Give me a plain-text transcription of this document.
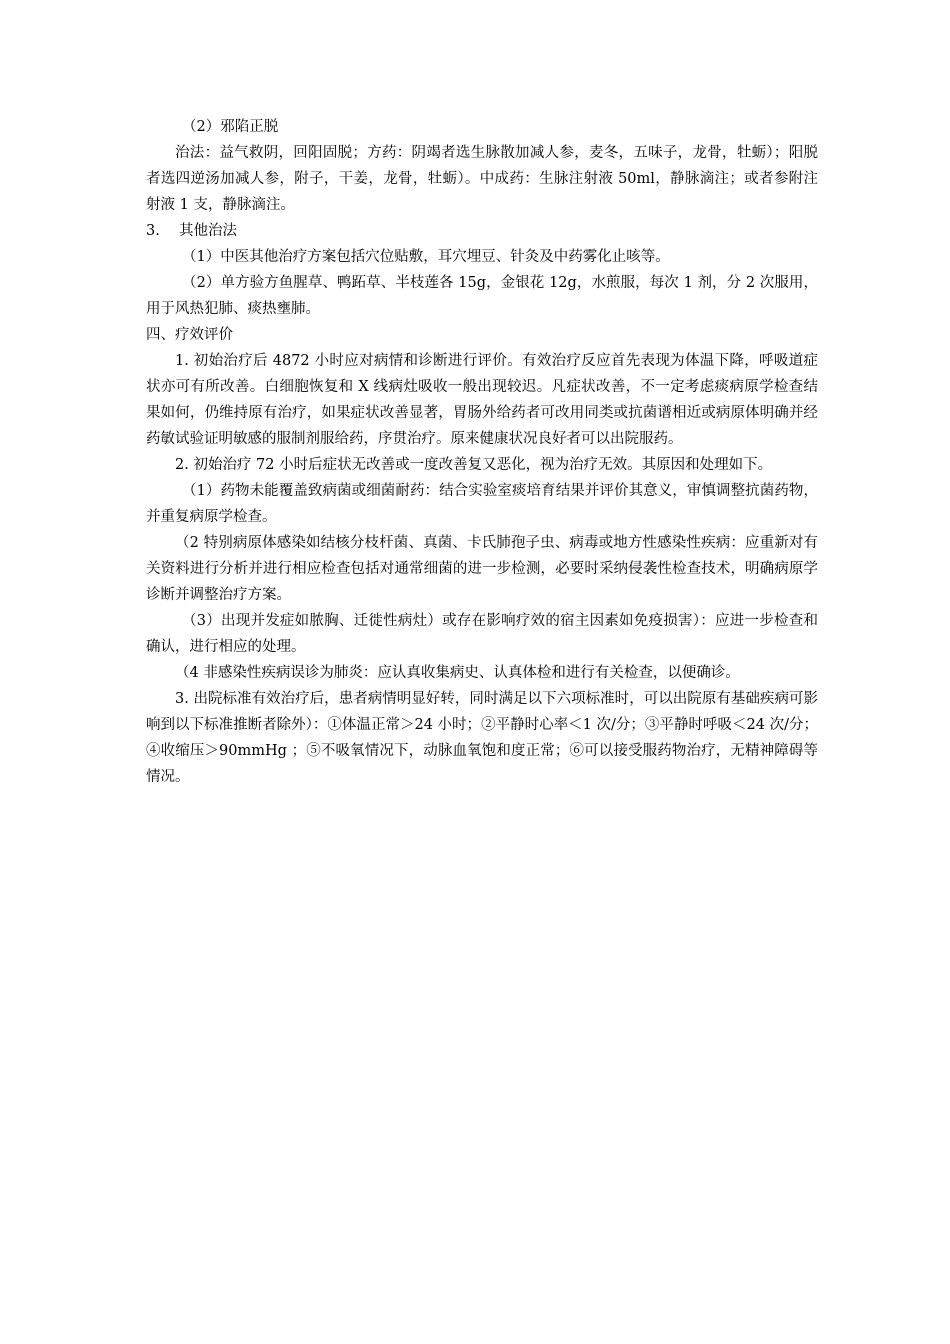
（2）邪陷正脱

治法：益气救阴，回阳固脱；方药：阴竭者选生脉散加减人参，麦冬，五味子，龙骨，牡蛎）；阳脱者选四逆汤加减人参，附子，干姜，龙骨，牡蛎）。中成药：生脉注射液 50ml，静脉滴注；或者参附注射液 1 支，静脉滴注。

3.　 其他治法

（1）中医其他治疗方案包括穴位贴敷，耳穴埋豆、针灸及中药雾化止咳等。

（2）单方验方鱼腥草、鸭跖草、半枝莲各 15g，金银花 12g，水煎服，每次 1 剂，分 2 次服用，用于风热犯肺、痰热壅肺。

四、疗效评价

1. 初始治疗后 4872 小时应对病情和诊断进行评价。有效治疗反应首先表现为体温下降，呼吸道症状亦可有所改善。白细胞恢复和 X 线病灶吸收一般出现较迟。凡症状改善，不一定考虑痰病原学检查结果如何，仍维持原有治疗，如果症状改善显著，胃肠外给药者可改用同类或抗菌谱相近或病原体明确并经药敏试验证明敏感的服制剂服给药，序贯治疗。原来健康状况良好者可以出院服药。

2. 初始治疗 72 小时后症状无改善或一度改善复又恶化，视为治疗无效。其原因和处理如下。

（1）药物未能覆盖致病菌或细菌耐药：结合实验室痰培育结果并评价其意义，审慎调整抗菌药物，并重复病原学检查。

（2 特别病原体感染如结核分枝杆菌、真菌、卡氏肺孢子虫、病毒或地方性感染性疾病：应重新对有关资料进行分析并进行相应检查包括对通常细菌的进一步检测，必要时采纳侵袭性检查技术，明确病原学诊断并调整治疗方案。

（3）出现并发症如脓胸、迁徙性病灶）或存在影响疗效的宿主因素如免疫损害）：应进一步检查和确认，进行相应的处理。

（4 非感染性疾病误诊为肺炎：应认真收集病史、认真体检和进行有关检查，以便确诊。

3. 出院标准有效治疗后，患者病情明显好转，同时满足以下六项标准时，可以出院原有基础疾病可影响到以下标准推断者除外）：①体温正常＞24 小时；②平静时心率＜1 次/分；③平静时呼吸＜24 次/分；④收缩压＞90mmHg ；⑤不吸氧情况下，动脉血氧饱和度正常；⑥可以接受服药物治疗，无精神障碍等情况。
